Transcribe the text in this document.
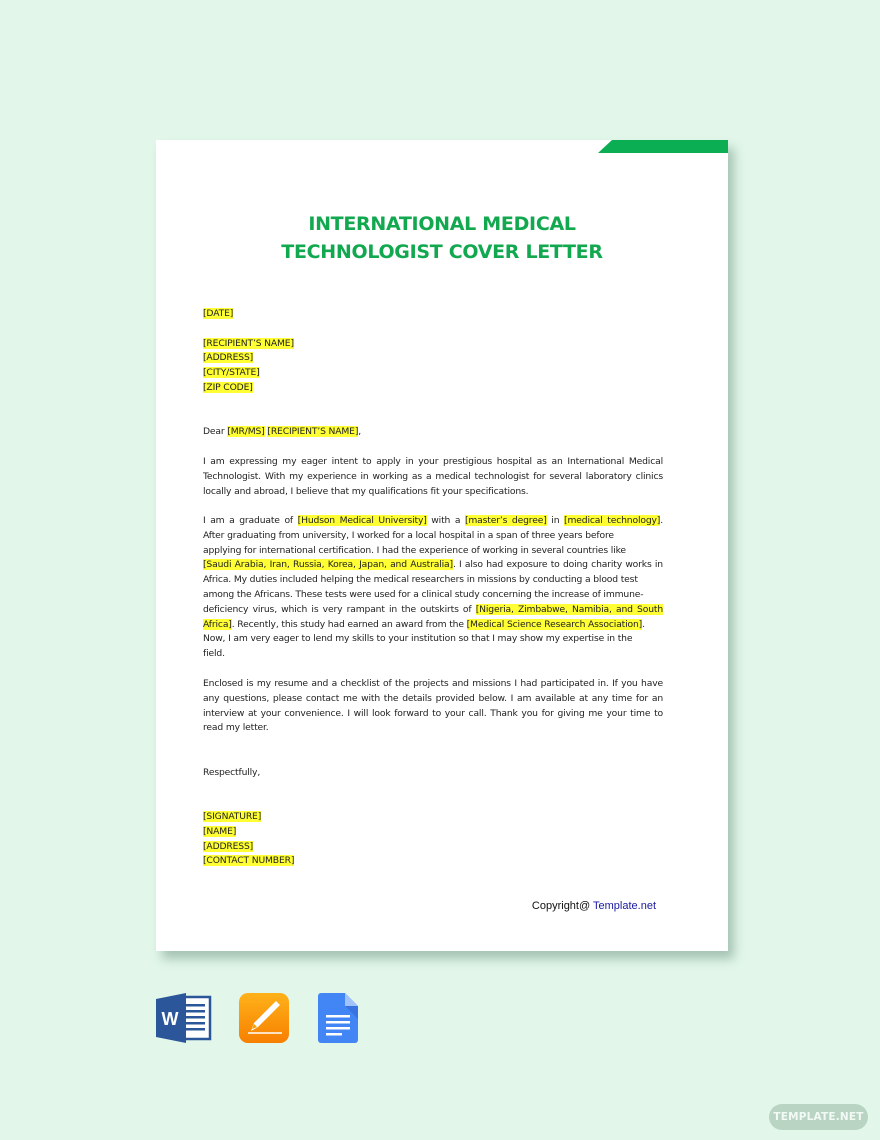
INTERNATIONAL MEDICAL
TECHNOLOGIST COVER LETTER
[DATE]
[RECIPIENT’S NAME]
[ADDRESS]
[CITY/STATE]
[ZIP CODE]
Dear [MR/MS] [RECIPIENT’S NAME],
I am expressing my eager intent to apply in your prestigious hospital as an International Medical
Technologist. With my experience in working as a medical technologist for several laboratory clinics
locally and abroad, I believe that my qualifications fit your specifications.
I am a graduate of [Hudson Medical University] with a [master’s degree] in [medical technology].
After graduating from university, I worked for a local hospital in a span of three years before
applying for international certification. I had the experience of working in several countries like
[Saudi Arabia, Iran, Russia, Korea, Japan, and Australia]. I also had exposure to doing charity works in
Africa. My duties included helping the medical researchers in missions by conducting a blood test
among the Africans. These tests were used for a clinical study concerning the increase of immune-
deficiency virus, which is very rampant in the outskirts of [Nigeria, Zimbabwe, Namibia, and South
Africa]. Recently, this study had earned an award from the [Medical Science Research Association].
Now, I am very eager to lend my skills to your institution so that I may show my expertise in the
field.
Enclosed is my resume and a checklist of the projects and missions I had participated in. If you have
any questions, please contact me with the details provided below. I am available at any time for an
interview at your convenience. I will look forward to your call. Thank you for giving me your time to
read my letter.
Respectfully,
[SIGNATURE]
[NAME]
[ADDRESS]
[CONTACT NUMBER]
Copyright@ Template.net
W
TEMPLATE.NET
